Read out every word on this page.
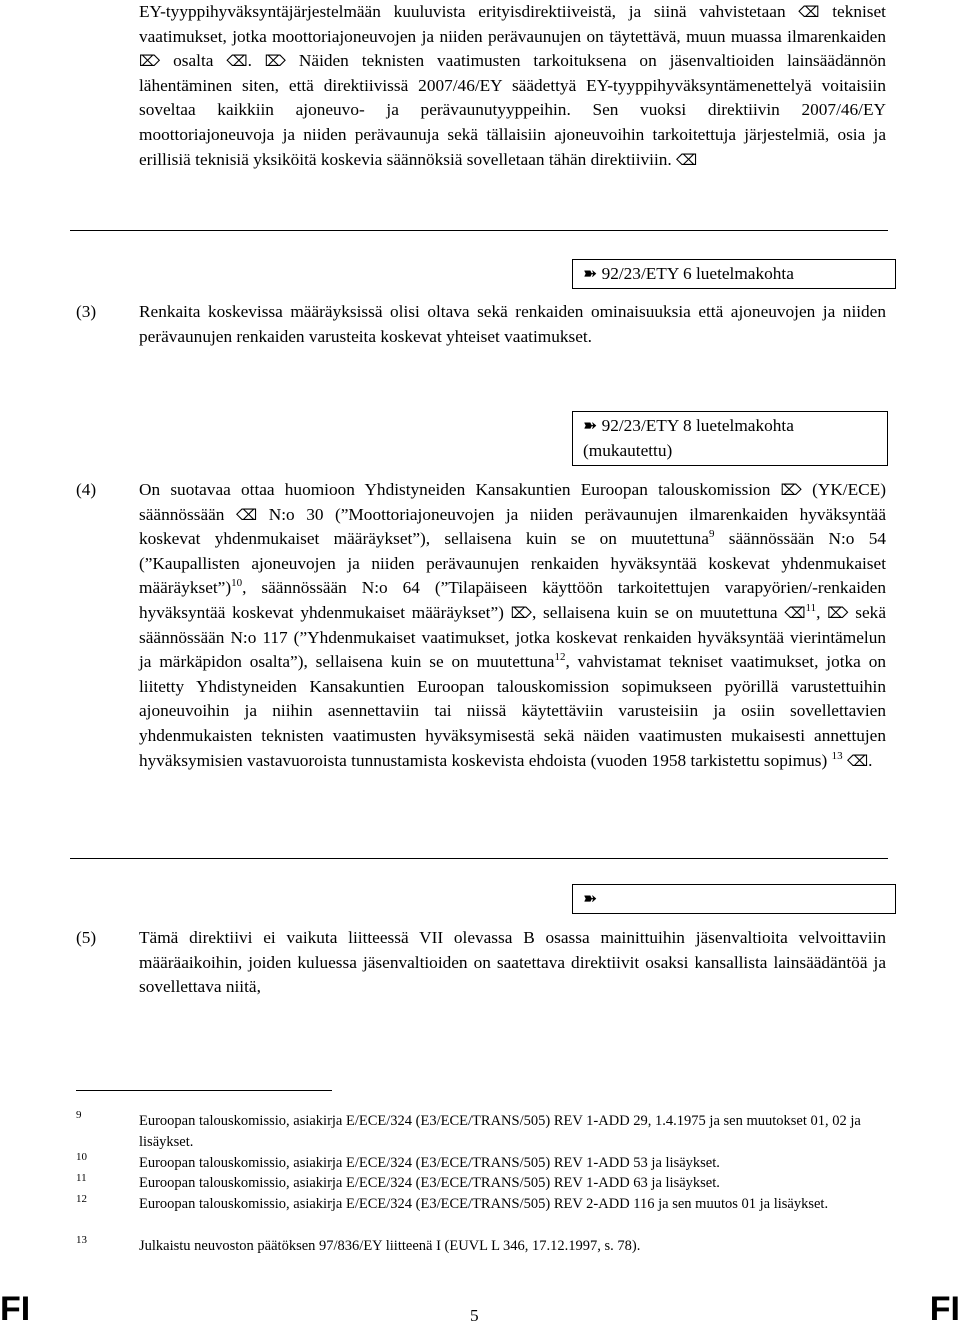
EY-tyyppihyväksyntäjärjestelmään kuuluvista erityisdirektiiveistä, ja siinä vahvistetaan ⌫ tekniset vaatimukset, jotka moottoriajoneuvojen ja niiden perävaunujen on täytettävä, muun muassa ilmarenkaiden ⌦ osalta ⌫. ⌦ Näiden teknisten vaatimusten tarkoituksena on jäsenvaltioiden lainsäädännön lähentäminen siten, että direktiivissä 2007/46/EY säädettyä EY-tyyppihyväksyntämenettelyä voitaisiin soveltaa kaikkiin ajoneuvo- ja perävaunutyyppeihin. Sen vuoksi direktiivin 2007/46/EY moottoriajoneuvoja ja niiden perävaunuja sekä tällaisiin ajoneuvoihin tarkoitettuja järjestelmiä, osia ja erillisiä teknisiä yksiköitä koskevia säännöksiä sovelletaan tähän direktiiviin. ⌫

➽ 92/23/ETY 6 luetelmakohta
(3) Renkaita koskevissa määräyksissä olisi oltava sekä renkaiden ominaisuuksia että ajoneuvojen ja niiden perävaunujen renkaiden varusteita koskevat yhteiset vaatimukset.

➽ 92/23/ETY 8 luetelmakohta
(mukautettu)
(4) On suotavaa ottaa huomioon Yhdistyneiden Kansakuntien Euroopan talouskomission ⌦ (YK/ECE) säännössään ⌫ N:o 30 (”Moottoriajoneuvojen ja niiden perävaunujen ilmarenkaiden hyväksyntää koskevat yhdenmukaiset määräykset”), sellaisena kuin se on muutettuna$^9$ säännössään N:o 54 (”Kaupallisten ajoneuvojen ja niiden perävaunujen renkaiden hyväksyntää koskevat yhdenmukaiset määräykset”)$^{10}$, säännössään N:o 64 (”Tilapäiseen käyttöön tarkoitettujen varapyörien/-renkaiden hyväksyntää koskevat yhdenmukaiset määräykset”) ⌦, sellaisena kuin se on muutettuna ⌫$^{11}$, ⌦ sekä säännössään N:o 117 (”Yhdenmukaiset vaatimukset, jotka koskevat renkaiden hyväksyntää vierintämelun ja märkäpidon osalta”), sellaisena kuin se on muutettuna$^{12}$, vahvistamat tekniset vaatimukset, jotka on liitetty Yhdistyneiden Kansakuntien Euroopan talouskomission sopimukseen pyörillä varustettuihin ajoneuvoihin ja niihin asennettaviin tai niissä käytettäviin varusteisiin ja osiin sovellettavien yhdenmukaisten teknisten vaatimusten hyväksymisestä sekä näiden vaatimusten mukaisesti annettujen hyväksymisien vastavuoroista tunnustamista koskevista ehdoista (vuoden 1958 tarkistettu sopimus) $^{13}$ ⌫.

➽
(5) Tämä direktiivi ei vaikuta liitteessä VII olevassa B osassa mainittuihin jäsenvaltioita velvoittaviin määräaikoihin, joiden kuluessa jäsenvaltioiden on saatettava direktiivit osaksi kansallista lainsäädäntöä ja sovellettava niitä,

9	Euroopan talouskomissio, asiakirja E/ECE/324 (E3/ECE/TRANS/505) REV 1-ADD 29, 1.4.1975 ja sen muutokset 01, 02 ja lisäykset.
10	Euroopan talouskomissio, asiakirja E/ECE/324 (E3/ECE/TRANS/505) REV 1-ADD 53 ja lisäykset.
11	Euroopan talouskomissio, asiakirja E/ECE/324 (E3/ECE/TRANS/505) REV 1-ADD 63 ja lisäykset.
12	Euroopan talouskomissio, asiakirja E/ECE/324 (E3/ECE/TRANS/505) REV 2-ADD 116 ja sen muutos 01 ja lisäykset.
13	Julkaistu neuvoston päätöksen 97/836/EY liitteenä I (EUVL L 346, 17.12.1997, s. 78).
FI	5	FI
